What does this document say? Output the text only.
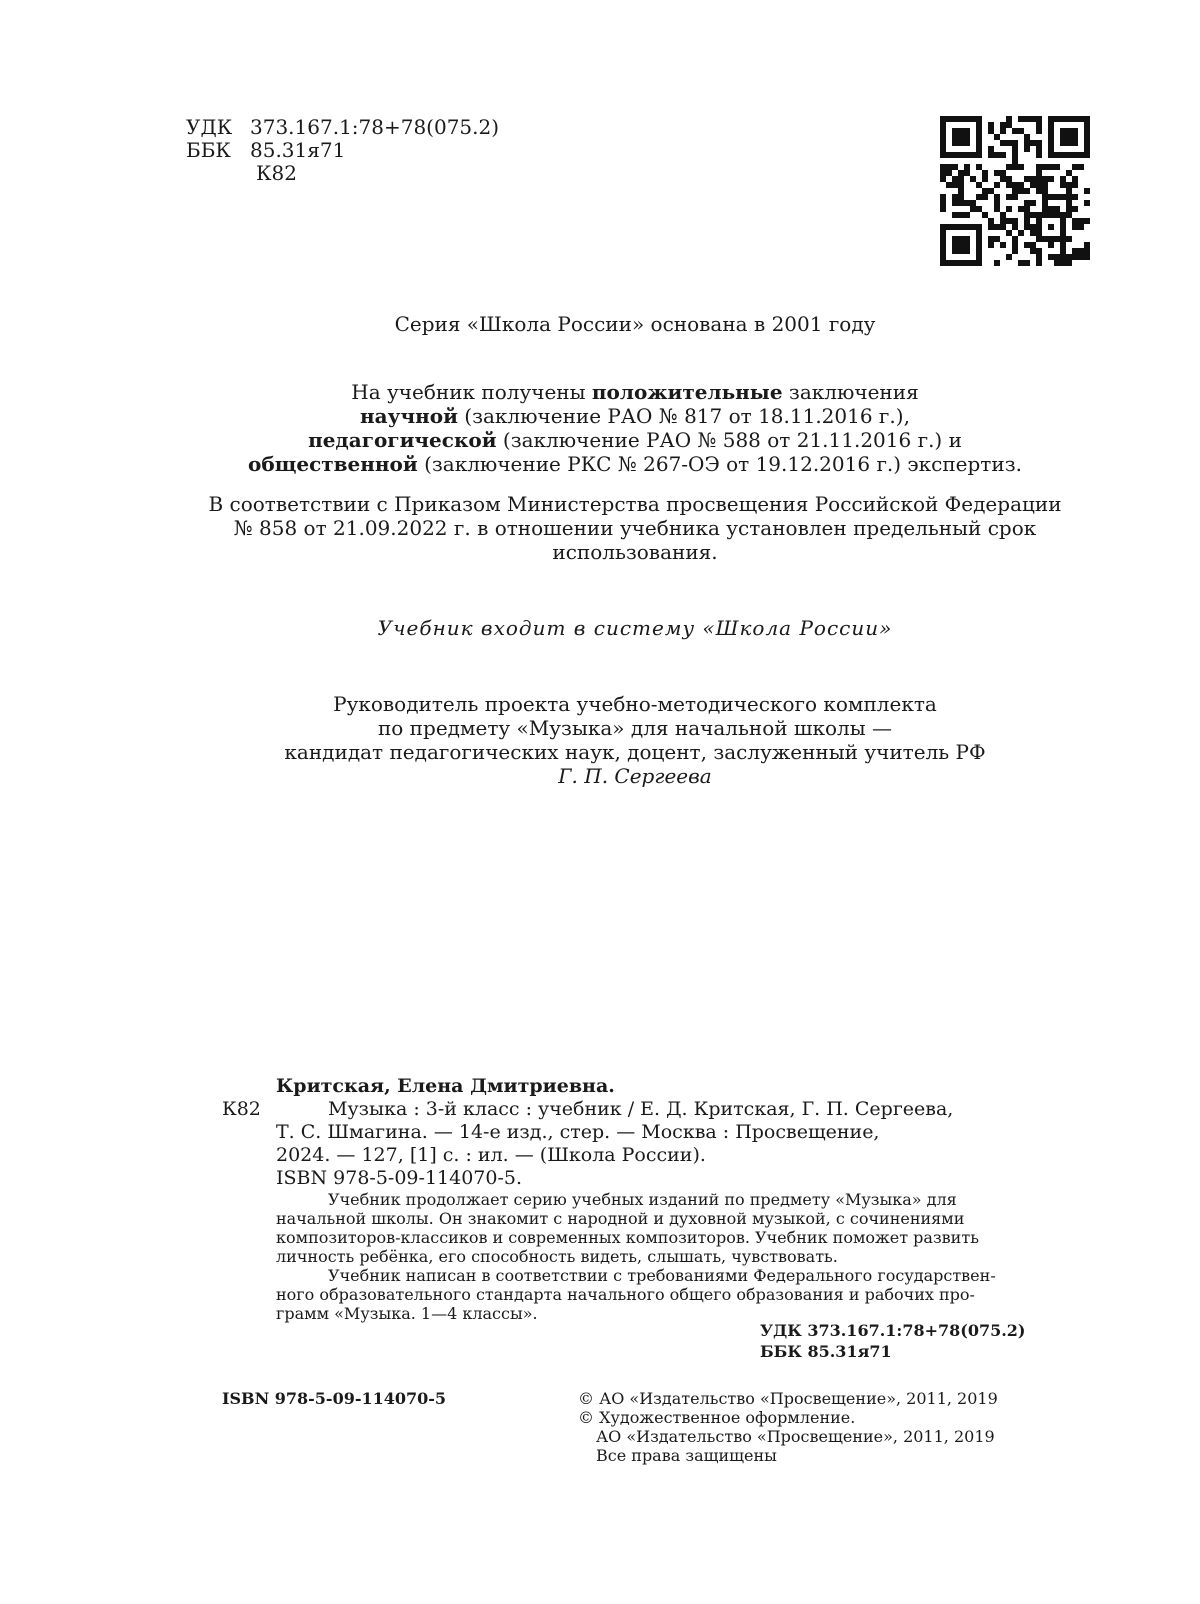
УДК 373.167.1:78+78(075.2)
ББК 85.31я71
К82
Серия «Школа России» основана в 2001 году
На учебник получены положительные заключения
научной (заключение РАО № 817 от 18.11.2016 г.),
педагогической (заключение РАО № 588 от 21.11.2016 г.) и
общественной (заключение РКС № 267-ОЭ от 19.12.2016 г.) экспертиз.
В соответствии с Приказом Министерства просвещения Российской Федерации
№ 858 от 21.09.2022 г. в отношении учебника установлен предельный срок
использования.
Учебник входит в систему «Школа России»
Руководитель проекта учебно-методического комплекта
по предмету «Музыка» для начальной школы —
кандидат педагогических наук, доцент, заслуженный учитель РФ
Г. П. Сергеева
Критская, Елена Дмитриевна.
К82	Музыка : 3-й класс : учебник / Е. Д. Критская, Г. П. Сергеева,
Т. С. Шмагина. — 14-е изд., стер. — Москва : Просвещение,
2024. — 127, [1] с. : ил. — (Школа России).
ISBN 978-5-09-114070-5.
Учебник продолжает серию учебных изданий по предмету «Музыка» для
начальной школы. Он знакомит с народной и духовной музыкой, с сочинениями
композиторов-классиков и современных композиторов. Учебник поможет развить
личность ребёнка, его способность видеть, слышать, чувствовать.
Учебник написан в соответствии с требованиями Федерального государствен-
ного образовательного стандарта начального общего образования и рабочих про-
грамм «Музыка. 1—4 классы».
УДК 373.167.1:78+78(075.2)
ББК 85.31я71
ISBN 978-5-09-114070-5	© АО «Издательство «Просвещение», 2011, 2019
© Художественное оформление.
АО «Издательство «Просвещение», 2011, 2019
Все права защищены
